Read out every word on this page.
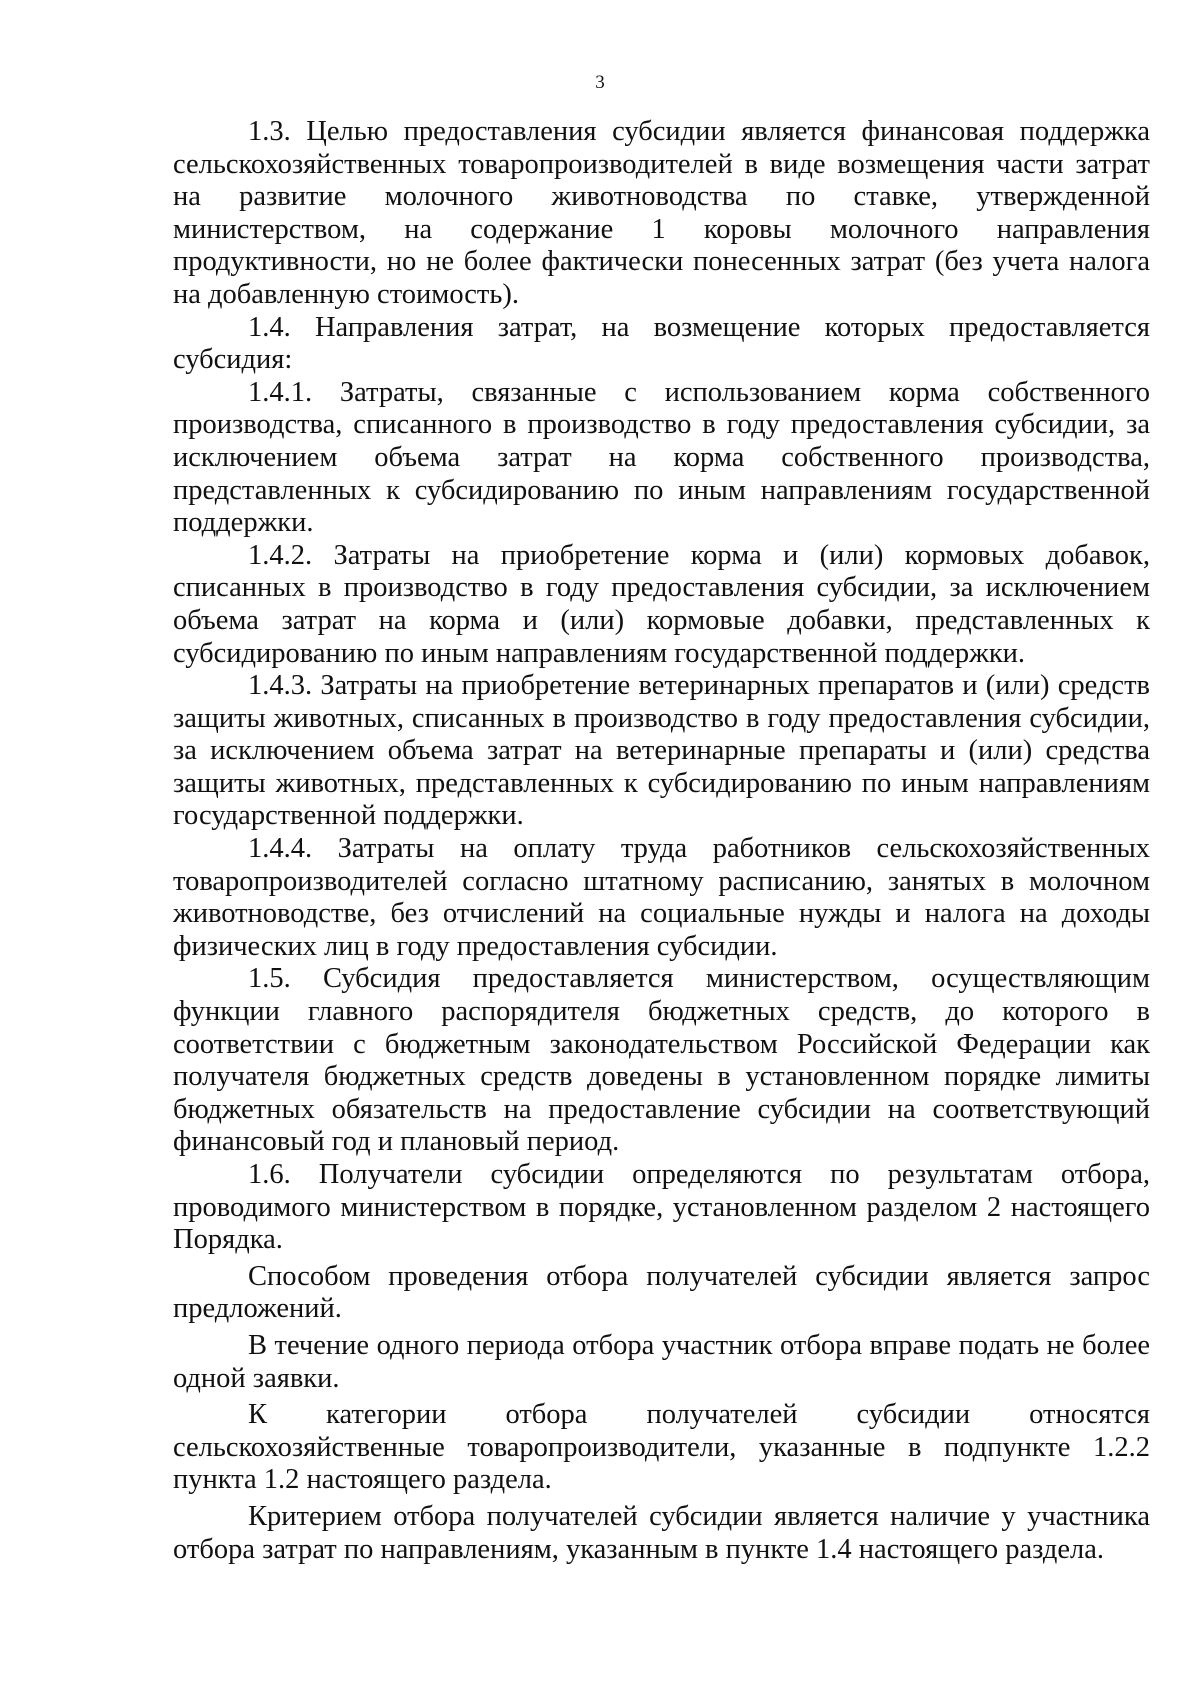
3

1.3. Целью предоставления субсидии является финансовая поддержка сельскохозяйственных товаропроизводителей в виде возмещения части затрат на развитие молочного животноводства по ставке, утвержденной министерством, на содержание 1 коровы молочного направления продуктивности, но не более фактически понесенных затрат (без учета налога на добавленную стоимость).

1.4. Направления затрат, на возмещение которых предоставляется субсидия:

1.4.1. Затраты, связанные с использованием корма собственного производства, списанного в производство в году предоставления субсидии, за исключением объема затрат на корма собственного производства, представленных к субсидированию по иным направлениям государственной поддержки.

1.4.2. Затраты на приобретение корма и (или) кормовых добавок, списанных в производство в году предоставления субсидии, за исключением объема затрат на корма и (или) кормовые добавки, представленных к субсидированию по иным направлениям государственной поддержки.

1.4.3. Затраты на приобретение ветеринарных препаратов и (или) средств защиты животных, списанных в производство в году предоставления субсидии, за исключением объема затрат на ветеринарные препараты и (или) средства защиты животных, представленных к субсидированию по иным направлениям государственной поддержки.

1.4.4. Затраты на оплату труда работников сельскохозяйственных товаропроизводителей согласно штатному расписанию, занятых в молочном животноводстве, без отчислений на социальные нужды и налога на доходы физических лиц в году предоставления субсидии.

1.5. Субсидия предоставляется министерством, осуществляющим функции главного распорядителя бюджетных средств, до которого в соответствии с бюджетным законодательством Российской Федерации как получателя бюджетных средств доведены в установленном порядке лимиты бюджетных обязательств на предоставление субсидии на соответствующий финансовый год и плановый период.

1.6. Получатели субсидии определяются по результатам отбора, проводимого министерством в порядке, установленном разделом 2 настоящего Порядка.

Способом проведения отбора получателей субсидии является запрос предложений.

В течение одного периода отбора участник отбора вправе подать не более одной заявки.

К категории отбора получателей субсидии относятся сельскохозяйственные товаропроизводители, указанные в подпункте 1.2.2 пункта 1.2 настоящего раздела.

Критерием отбора получателей субсидии является наличие у участника отбора затрат по направлениям, указанным в пункте 1.4 настоящего раздела.
